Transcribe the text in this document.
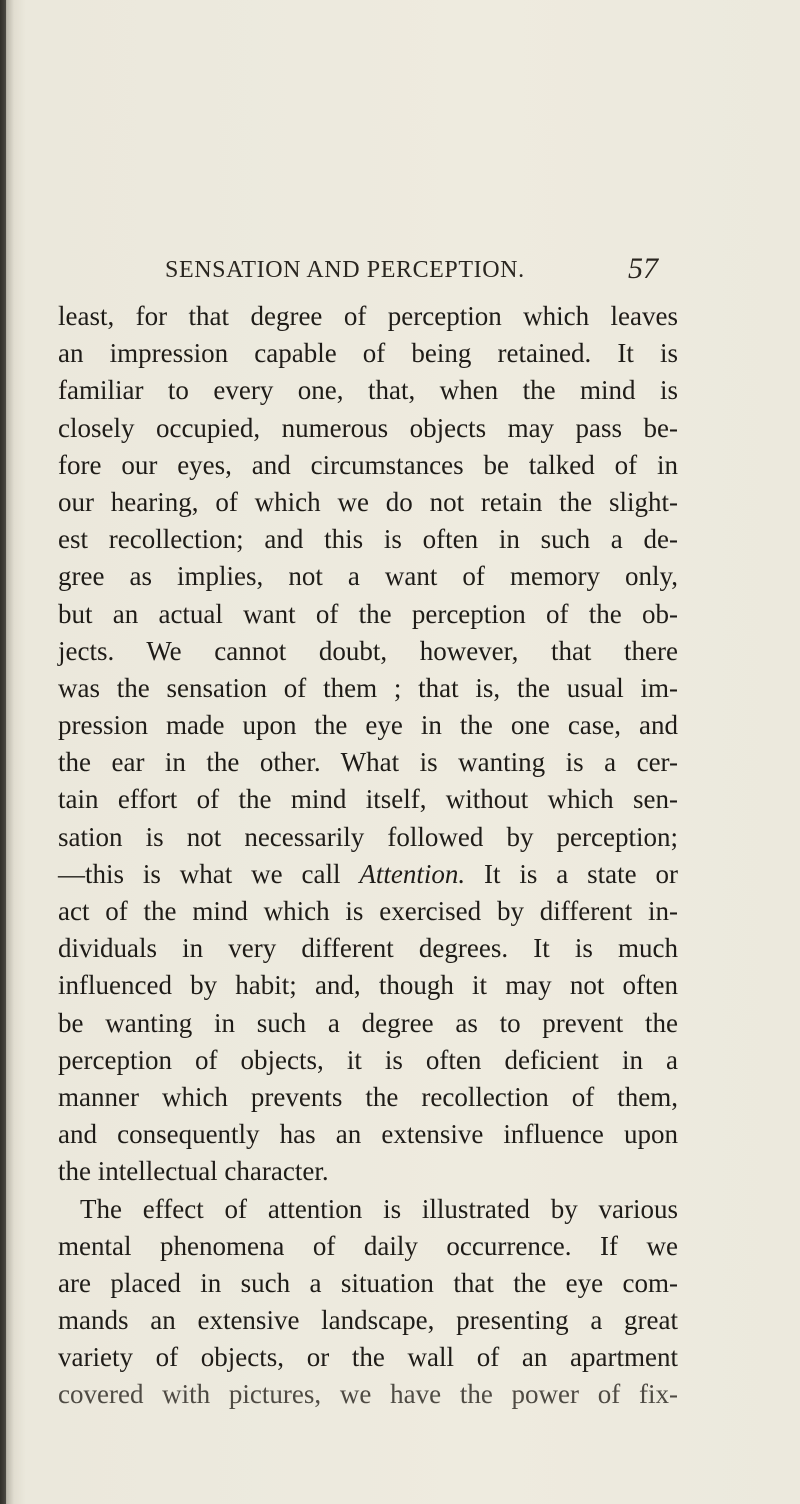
SENSATION AND PERCEPTION.	57
least, for that degree of perception which leaves
an impression capable of being retained. It is
familiar to every one, that, when the mind is
closely occupied, numerous objects may pass be-
fore our eyes, and circumstances be talked of in
our hearing, of which we do not retain the slight-
est recollection; and this is often in such a de-
gree as implies, not a want of memory only,
but an actual want of the perception of the ob-
jects. We cannot doubt, however, that there
was the sensation of them ; that is, the usual im-
pression made upon the eye in the one case, and
the ear in the other. What is wanting is a cer-
tain effort of the mind itself, without which sen-
sation is not necessarily followed by perception;
—this is what we call Attention. It is a state or
act of the mind which is exercised by different in-
dividuals in very different degrees. It is much
influenced by habit; and, though it may not often
be wanting in such a degree as to prevent the
perception of objects, it is often deficient in a
manner which prevents the recollection of them,
and consequently has an extensive influence upon
the intellectual character.
The effect of attention is illustrated by various
mental phenomena of daily occurrence. If we
are placed in such a situation that the eye com-
mands an extensive landscape, presenting a great
variety of objects, or the wall of an apartment
covered with pictures, we have the power of fix-
